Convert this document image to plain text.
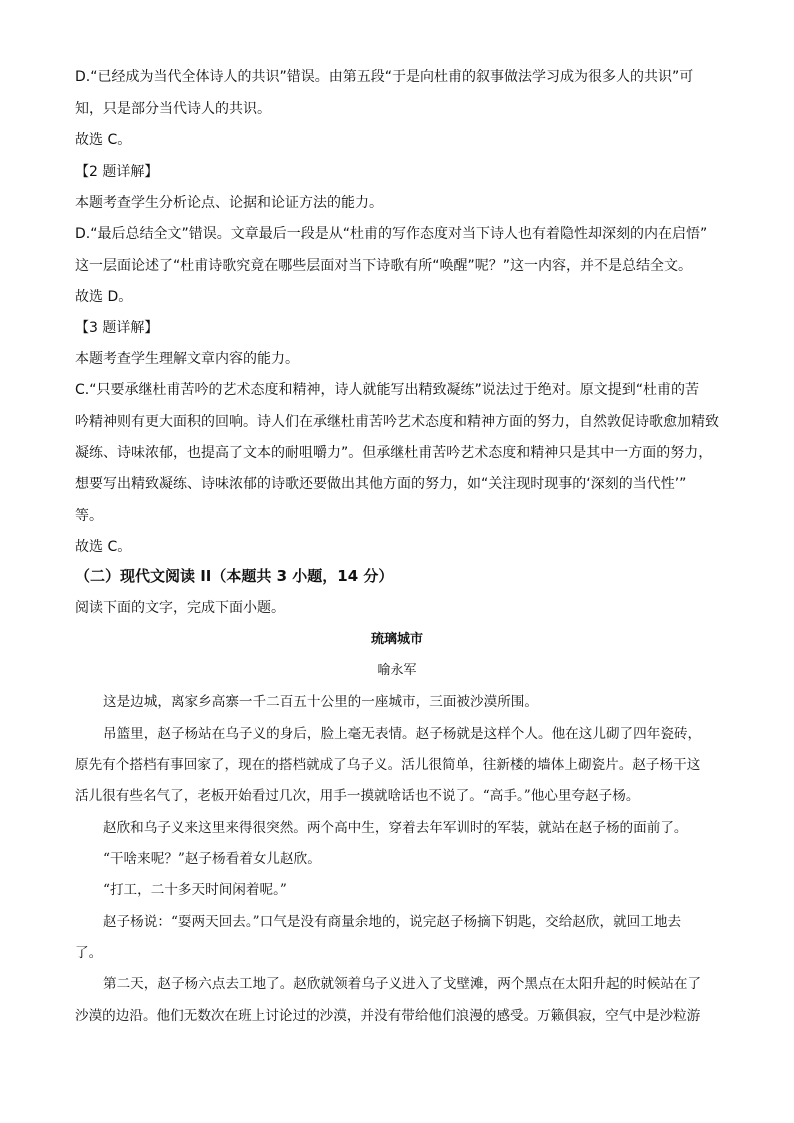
D.“已经成为当代全体诗人的共识”错误。由第五段“于是向杜甫的叙事做法学习成为很多人的共识”可
知，只是部分当代诗人的共识。
故选 C。
【2 题详解】
本题考查学生分析论点、论据和论证方法的能力。
D.“最后总结全文”错误。文章最后一段是从“杜甫的写作态度对当下诗人也有着隐性却深刻的内在启悟”
这一层面论述了“杜甫诗歌究竟在哪些层面对当下诗歌有所“唤醒”呢？”这一内容，并不是总结全文。
故选 D。
【3 题详解】
本题考查学生理解文章内容的能力。
C.“只要承继杜甫苦吟的艺术态度和精神，诗人就能写出精致凝练”说法过于绝对。原文提到“杜甫的苦
吟精神则有更大面积的回响。诗人们在承继杜甫苦吟艺术态度和精神方面的努力，自然敦促诗歌愈加精致
凝练、诗味浓郁，也提高了文本的耐咀嚼力”。但承继杜甫苦吟艺术态度和精神只是其中一方面的努力，
想要写出精致凝练、诗味浓郁的诗歌还要做出其他方面的努力，如“关注现时现事的‘深刻的当代性’”
等。
故选 C。
（二）现代文阅读 II（本题共 3 小题，14 分）
阅读下面的文字，完成下面小题。
琉璃城市
喻永军
这是边城，离家乡高寨一千二百五十公里的一座城市，三面被沙漠所围。
吊篮里，赵子杨站在乌子义的身后，脸上毫无表情。赵子杨就是这样个人。他在这儿砌了四年瓷砖，
原先有个搭档有事回家了，现在的搭档就成了乌子义。活儿很简单，往新楼的墙体上砌瓷片。赵子杨干这
活儿很有些名气了，老板开始看过几次，用手一摸就啥话也不说了。“高手。”他心里夸赵子杨。
赵欣和乌子义来这里来得很突然。两个高中生，穿着去年军训时的军装，就站在赵子杨的面前了。
“干啥来呢？”赵子杨看着女儿赵欣。
“打工，二十多天时间闲着呢。”
赵子杨说：“耍两天回去。”口气是没有商量余地的，说完赵子杨摘下钥匙，交给赵欣，就回工地去
了。
第二天，赵子杨六点去工地了。赵欣就领着乌子义进入了戈壁滩，两个黑点在太阳升起的时候站在了
沙漠的边沿。他们无数次在班上讨论过的沙漠，并没有带给他们浪漫的感受。万籁俱寂，空气中是沙粒游
